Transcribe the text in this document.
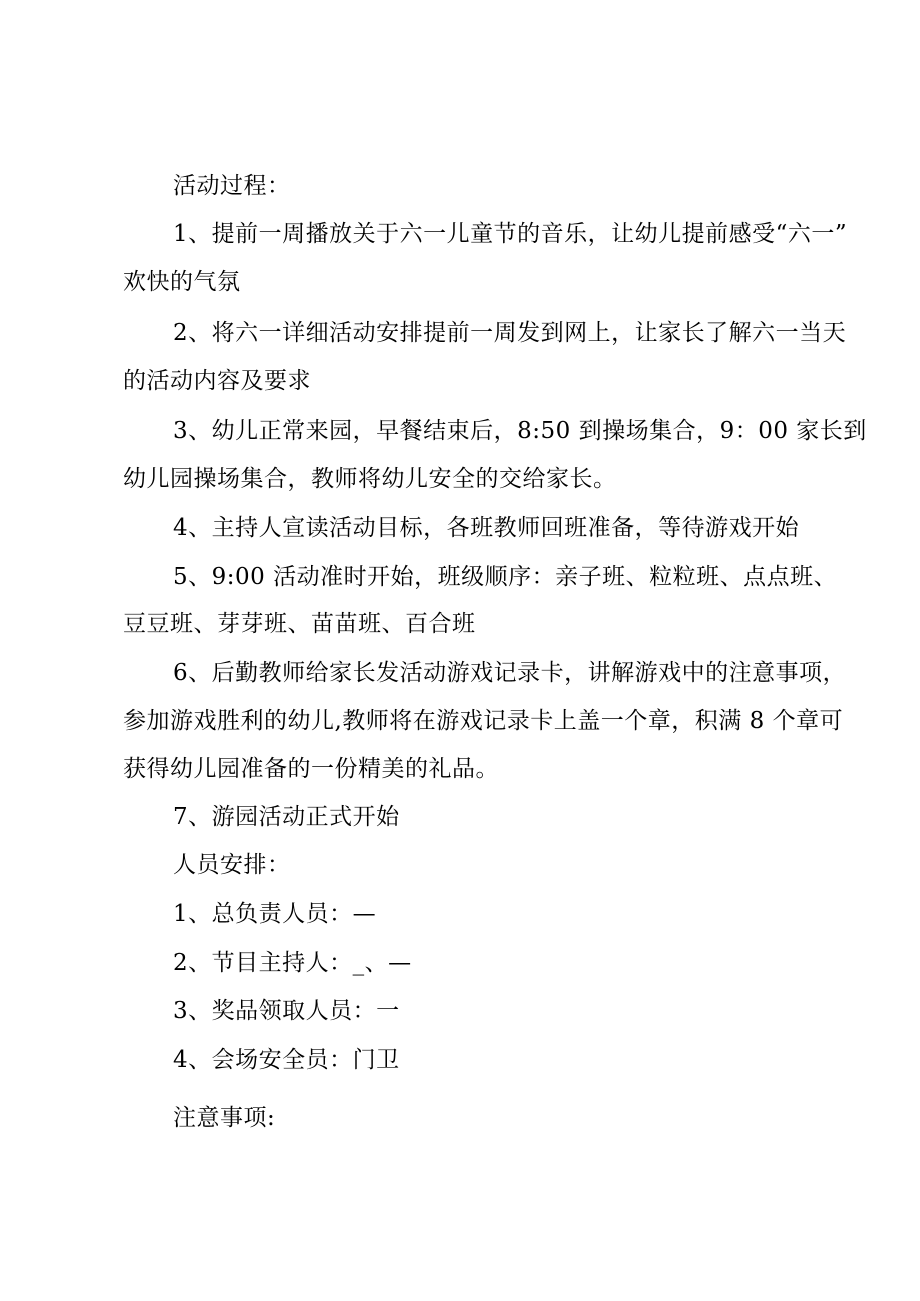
活动过程：
1、提前一周播放关于六一儿童节的音乐，让幼儿提前感受“六一”
欢快的气氛
2、将六一详细活动安排提前一周发到网上，让家长了解六一当天
的活动内容及要求
3、幼儿正常来园，早餐结束后，8:50 到操场集合，9：00 家长到
幼儿园操场集合，教师将幼儿安全的交给家长。
4、主持人宣读活动目标，各班教师回班准备，等待游戏开始
5、9:00 活动准时开始，班级顺序：亲子班、粒粒班、点点班、
豆豆班、芽芽班、苗苗班、百合班
6、后勤教师给家长发活动游戏记录卡，讲解游戏中的注意事项，
参加游戏胜利的幼儿,教师将在游戏记录卡上盖一个章，积满 8 个章可
获得幼儿园准备的一份精美的礼品。
7、游园活动正式开始
人员安排：
1、总负责人员：—
2、节目主持人：_、—
3、奖品领取人员：一
4、会场安全员：门卫
注意事项:
